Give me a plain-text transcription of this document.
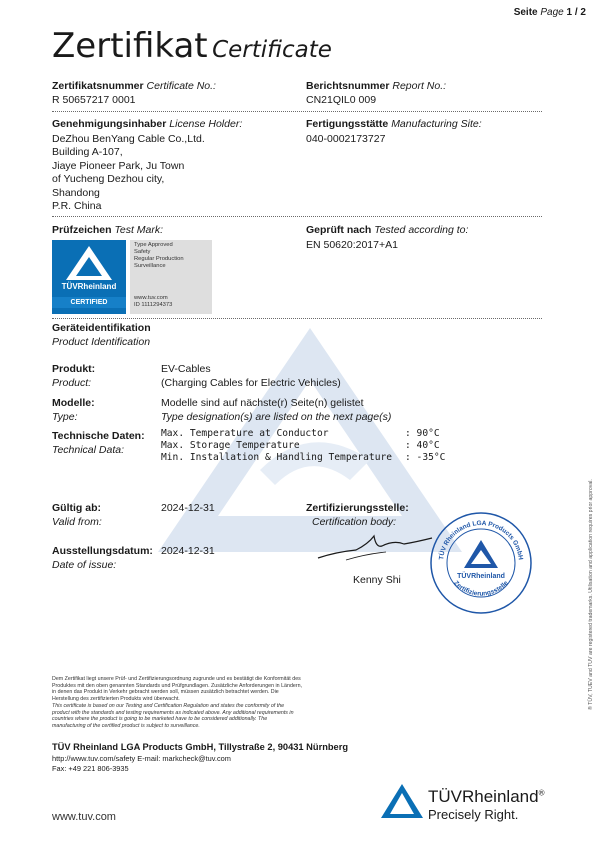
Seite Page 1 / 2
Zertifikat Certificate
Zertifikatsnummer Certificate No.:
R 50657217 0001
Berichtsnummer Report No.:
CN21QIL0 009
Genehmigungsinhaber License Holder:
DeZhou BenYang Cable Co.,Ltd.
Building A-107,
Jiaye Pioneer Park, Ju Town
of Yucheng Dezhou city,
Shandong
P.R. China
Fertigungsstätte Manufacturing Site:
040-0002173727
Prüfzeichen Test Mark:
TÜVRheinland
CERTIFIED
Type Approved
Safety
Regular Production
Surveillance
www.tuv.com
ID 1111294373
Geprüft nach Tested according to:
EN 50620:2017+A1
Geräteidentifikation
Product Identification
Produkt:
Product:
EV-Cables
(Charging Cables for Electric Vehicles)
Modelle:
Type:
Modelle sind auf nächste(r) Seite(n) gelistet
Type designation(s) are listed on the next page(s)
Technische Daten:
Technical Data:
Max. Temperature at Conductor	: 90°C
Max. Storage Temperature	: 40°C
Min. Installation & Handling Temperature : -35°C
Gültig ab:
Valid from:
2024-12-31
Ausstellungsdatum:
Date of issue:
2024-12-31
Zertifizierungsstelle:
Certification body:
Kenny Shi
TÜV Rheinland LGA Products GmbH
Zertifizierungsstelle
TÜVRheinland
Dem Zertifikat liegt unsere Prüf- und Zertifizierungsordnung zugrunde und es bestätigt die Konformität des Produktes mit den oben genannten Standards und Prüfgrundlagen. Zusätzliche Anforderungen in Ländern, in denen das Produkt in Verkehr gebracht werden soll, müssen zusätzlich betrachtet werden. Die Herstellung des zertifizierten Produkts wird überwacht.
This certificate is based on our Testing and Certification Regulation and states the conformity of the product with the standards and testing requirements as indicated above. Any additional requirements in countries where the product is going to be marketed have to be considered additionally. The manufacturing of the certified product is subject to surveillance.
TÜV Rheinland LGA Products GmbH, Tillystraße 2, 90431 Nürnberg
http://www.tuv.com/safety E-mail: markcheck@tuv.com
Fax: +49 221 806-3935
www.tuv.com
TÜVRheinland®
Precisely Right.
® TÜV, TUEV and TUV are registered trademarks. Utilisation and application requires prior approval.
